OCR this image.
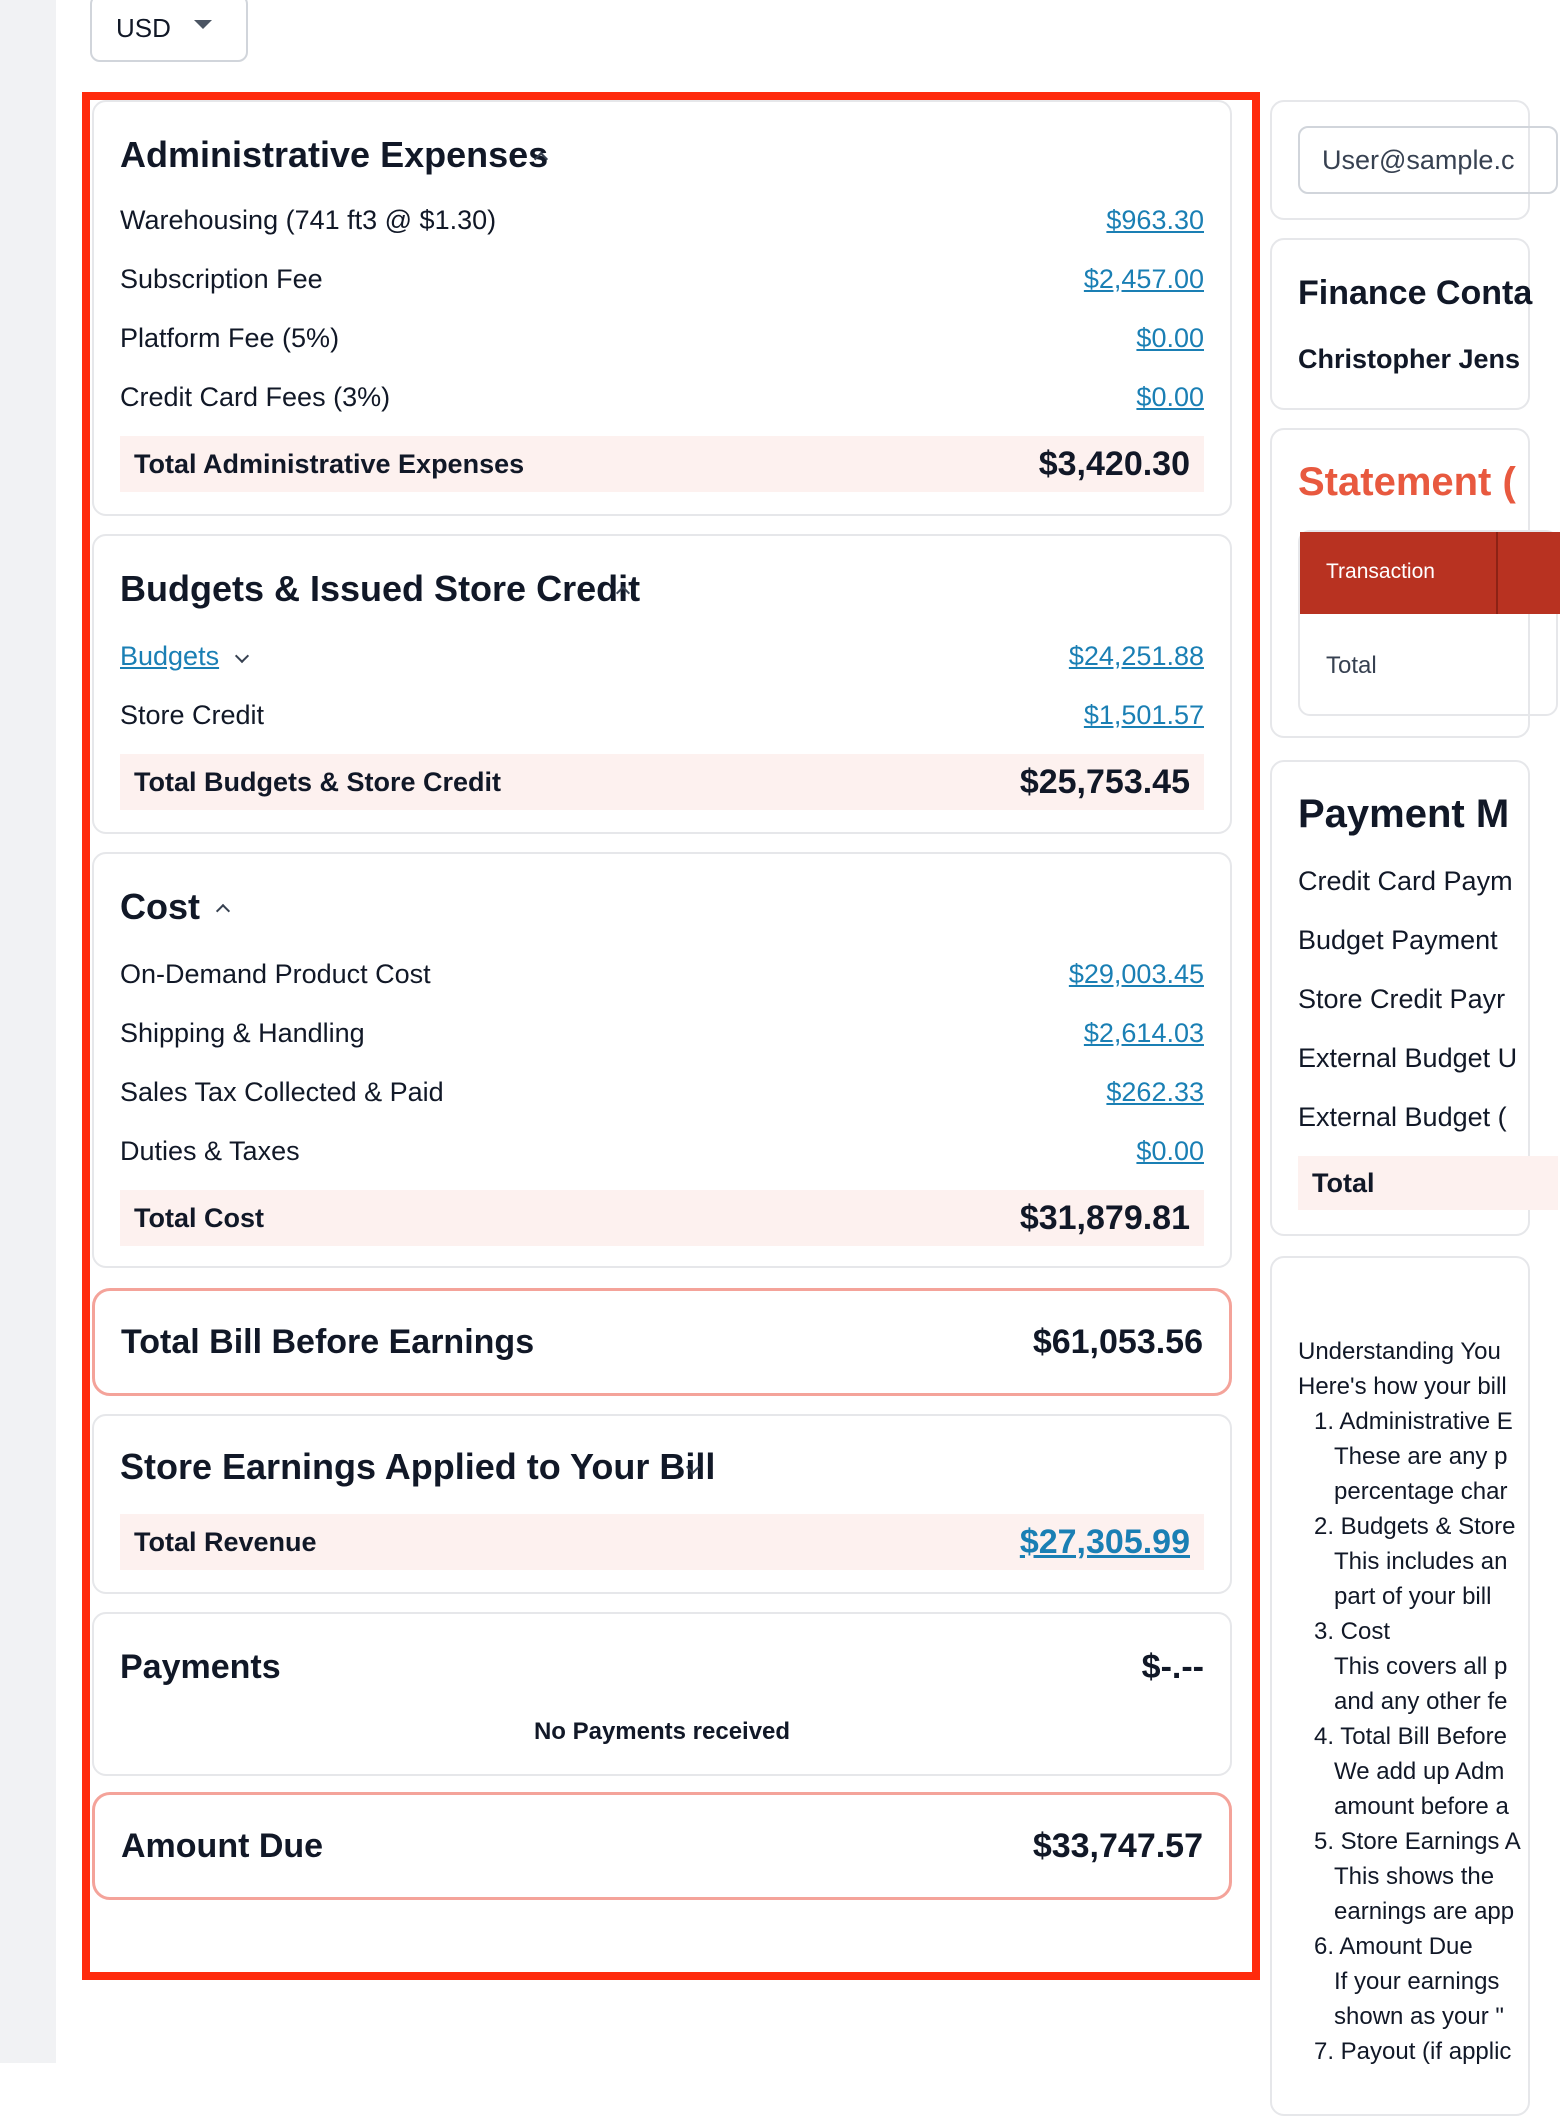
USD
Administrative Expenses
Warehousing (741 ft3 @ $1.30)	$963.30
Subscription Fee	$2,457.00
Platform Fee (5%)	$0.00
Credit Card Fees (3%)	$0.00
Total Administrative Expenses	$3,420.30
Budgets & Issued Store Credit
Budgets	$24,251.88
Store Credit	$1,501.57
Total Budgets & Store Credit	$25,753.45
Cost
On-Demand Product Cost	$29,003.45
Shipping & Handling	$2,614.03
Sales Tax Collected & Paid	$262.33
Duties & Taxes	$0.00
Total Cost	$31,879.81
Total Bill Before Earnings	$61,053.56
Store Earnings Applied to Your Bill
Total Revenue	$27,305.99
Payments	$-.--
No Payments received
Amount Due	$33,747.57
User@sample.c
Finance Conta
Christopher Jens
Statement (
Transaction
Total
Payment M
Credit Card Paym
Budget Payment
Store Credit Payr
External Budget U
External Budget (
Total
Understanding You
Here's how your bill
1. Administrative E
These are any p
percentage char
2. Budgets & Store
This includes an
part of your bill
3. Cost
This covers all p
and any other fe
4. Total Bill Before
We add up Adm
amount before a
5. Store Earnings A
This shows the
earnings are app
6. Amount Due
If your earnings
shown as your "
7. Payout (if applic
